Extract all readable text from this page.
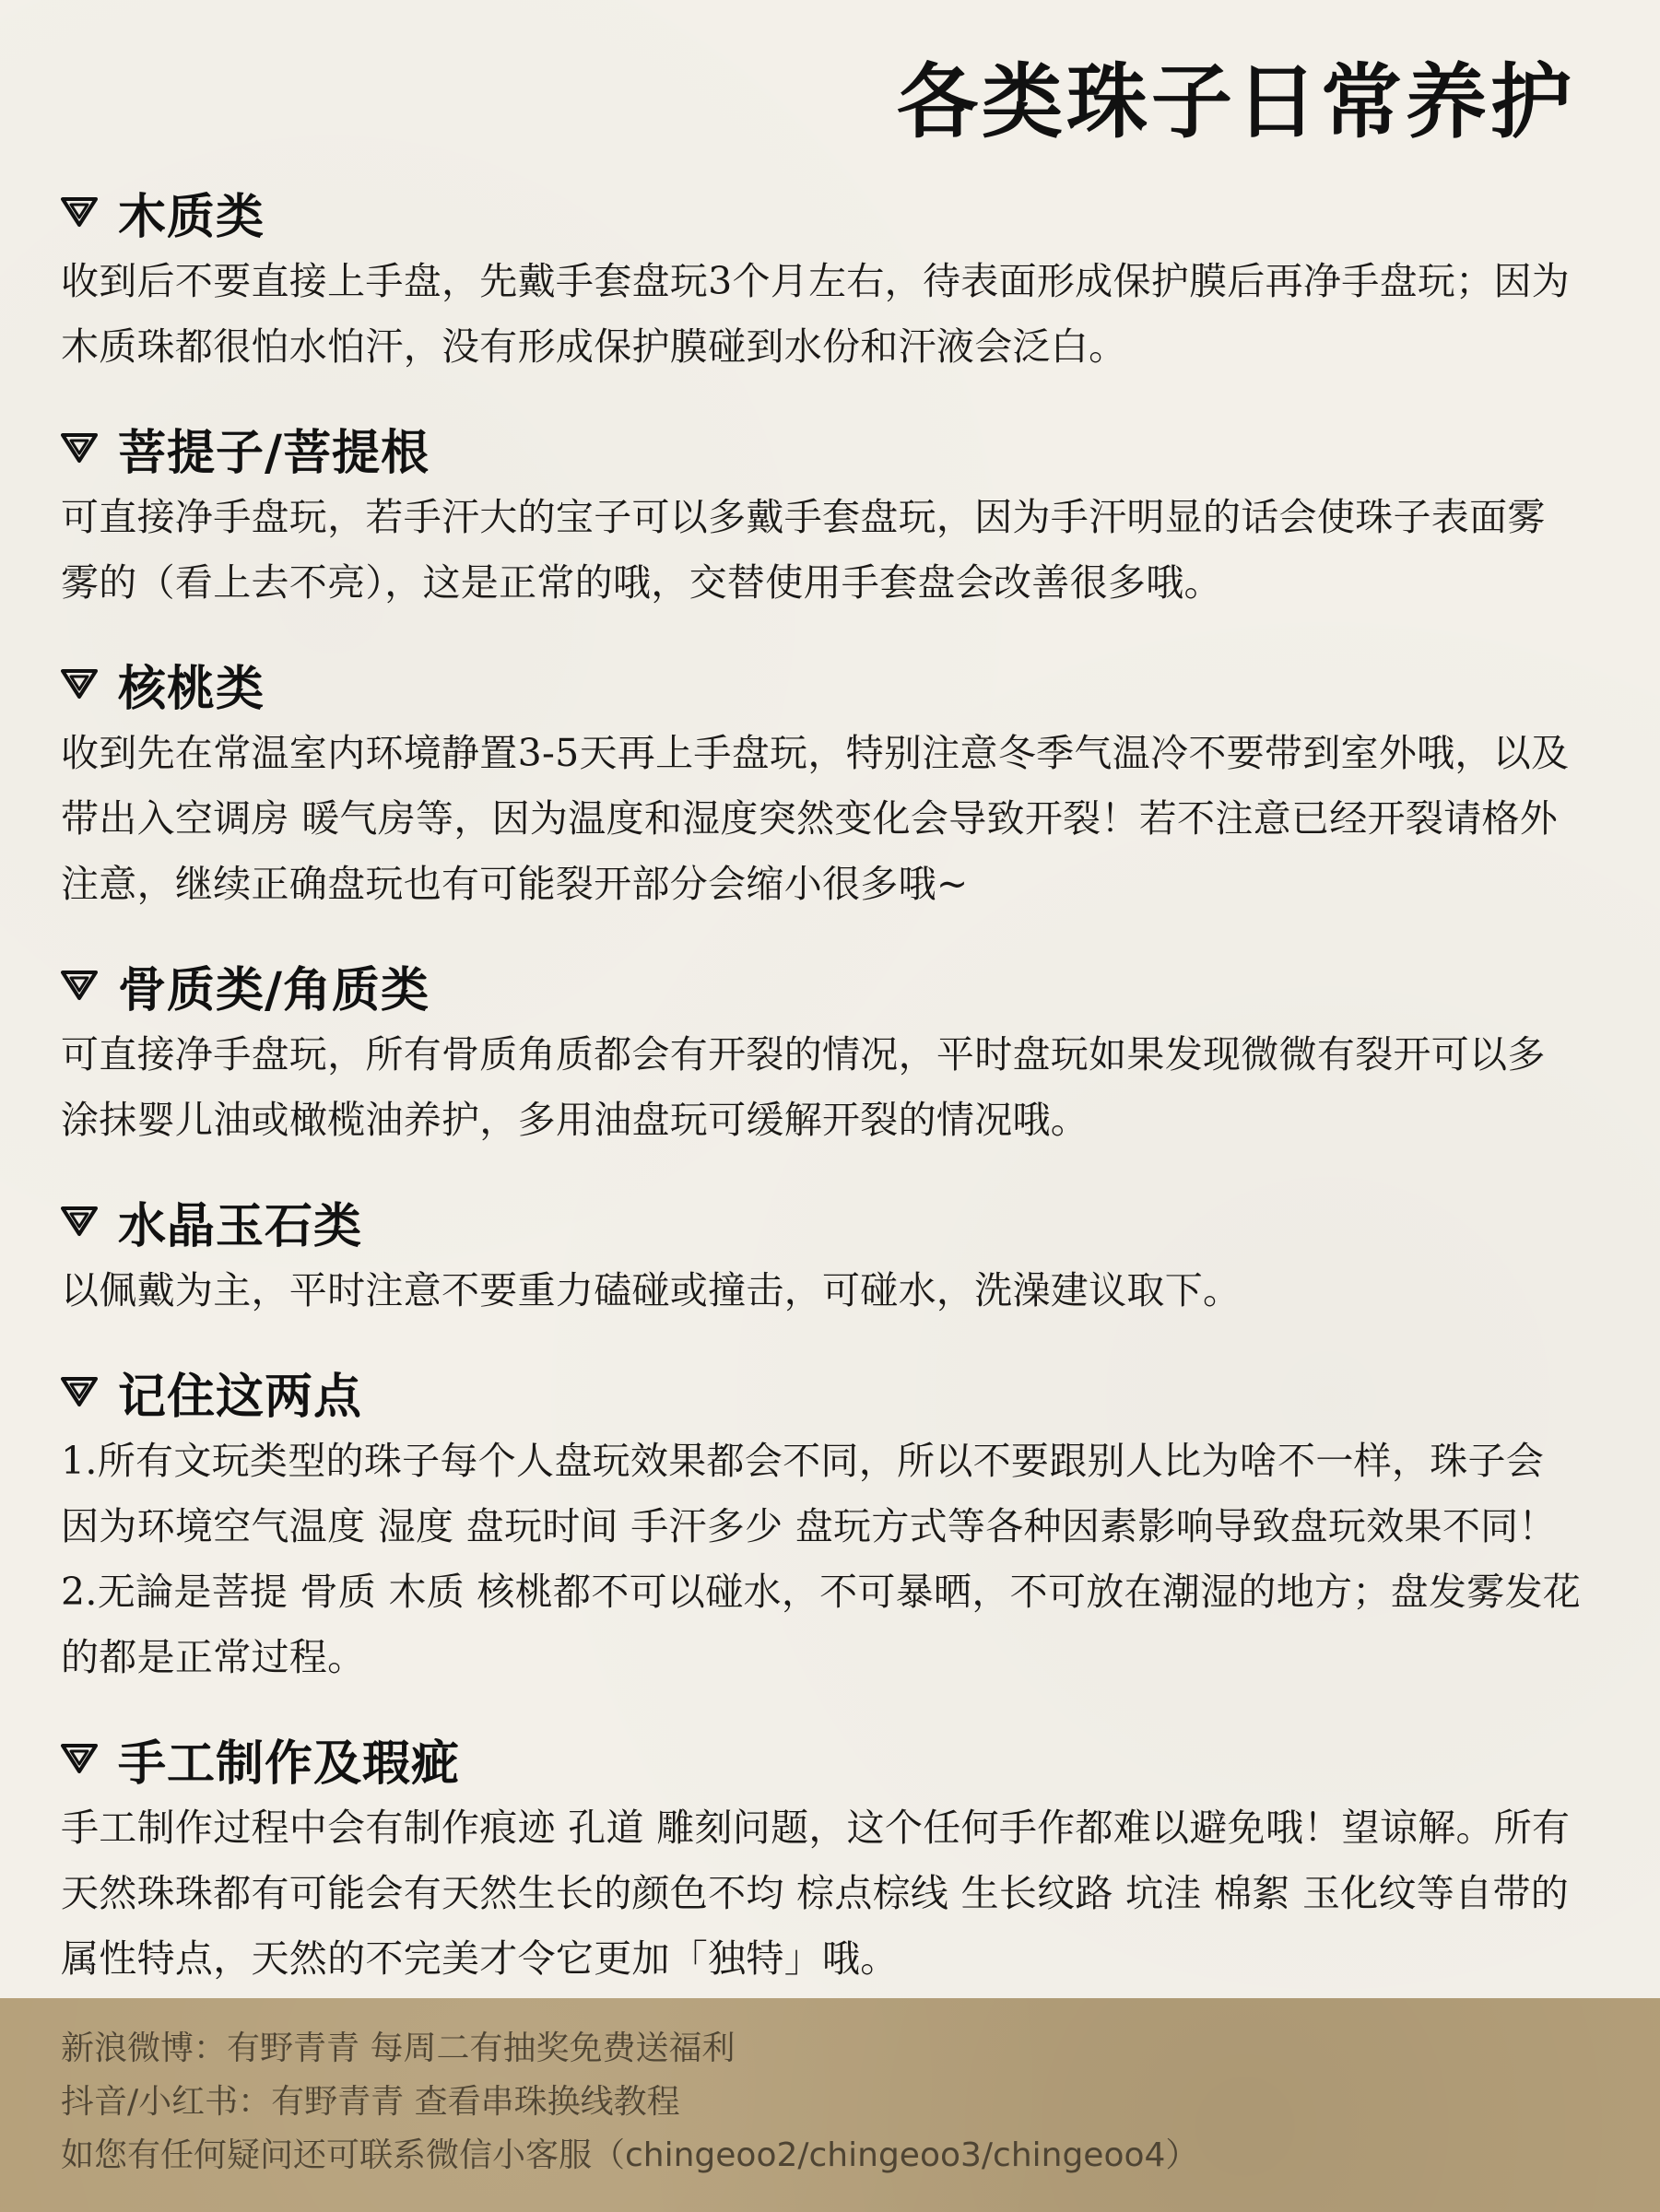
各类珠子日常养护
木质类

收到后不要直接上手盘，先戴手套盘玩3个月左右，待表面形成保护膜后再净手盘玩；因为木质珠都很怕水怕汗，没有形成保护膜碰到水份和汗液会泛白。

菩提子/菩提根

可直接净手盘玩，若手汗大的宝子可以多戴手套盘玩，因为手汗明显的话会使珠子表面雾雾的（看上去不亮），这是正常的哦，交替使用手套盘会改善很多哦。

核桃类

收到先在常温室内环境静置3-5天再上手盘玩，特别注意冬季气温冷不要带到室外哦，以及带出入空调房 暖气房等，因为温度和湿度突然变化会导致开裂！若不注意已经开裂请格外注意，继续正确盘玩也有可能裂开部分会缩小很多哦~

骨质类/角质类

可直接净手盘玩，所有骨质角质都会有开裂的情况，平时盘玩如果发现微微有裂开可以多涂抹婴儿油或橄榄油养护，多用油盘玩可缓解开裂的情况哦。

水晶玉石类

以佩戴为主，平时注意不要重力磕碰或撞击，可碰水，洗澡建议取下。

记住这两点

1.所有文玩类型的珠子每个人盘玩效果都会不同，所以不要跟别人比为啥不一样，珠子会因为环境空气温度 湿度 盘玩时间 手汗多少 盘玩方式等各种因素影响导致盘玩效果不同！

2.无論是菩提 骨质 木质 核桃都不可以碰水，不可暴晒，不可放在潮湿的地方；盘发雾发花的都是正常过程。

手工制作及瑕疵

手工制作过程中会有制作痕迹 孔道 雕刻问题，这个任何手作都难以避免哦！望谅解。所有天然珠珠都有可能会有天然生长的颜色不均 棕点棕线 生长纹路 坑洼 棉絮 玉化纹等自带的属性特点，天然的不完美才令它更加「独特」哦。

新浪微博：有野青青 每周二有抽奖免费送福利
抖音/小红书：有野青青 查看串珠换线教程
如您有任何疑问还可联系微信小客服（chingeoo2/chingeoo3/chingeoo4）
